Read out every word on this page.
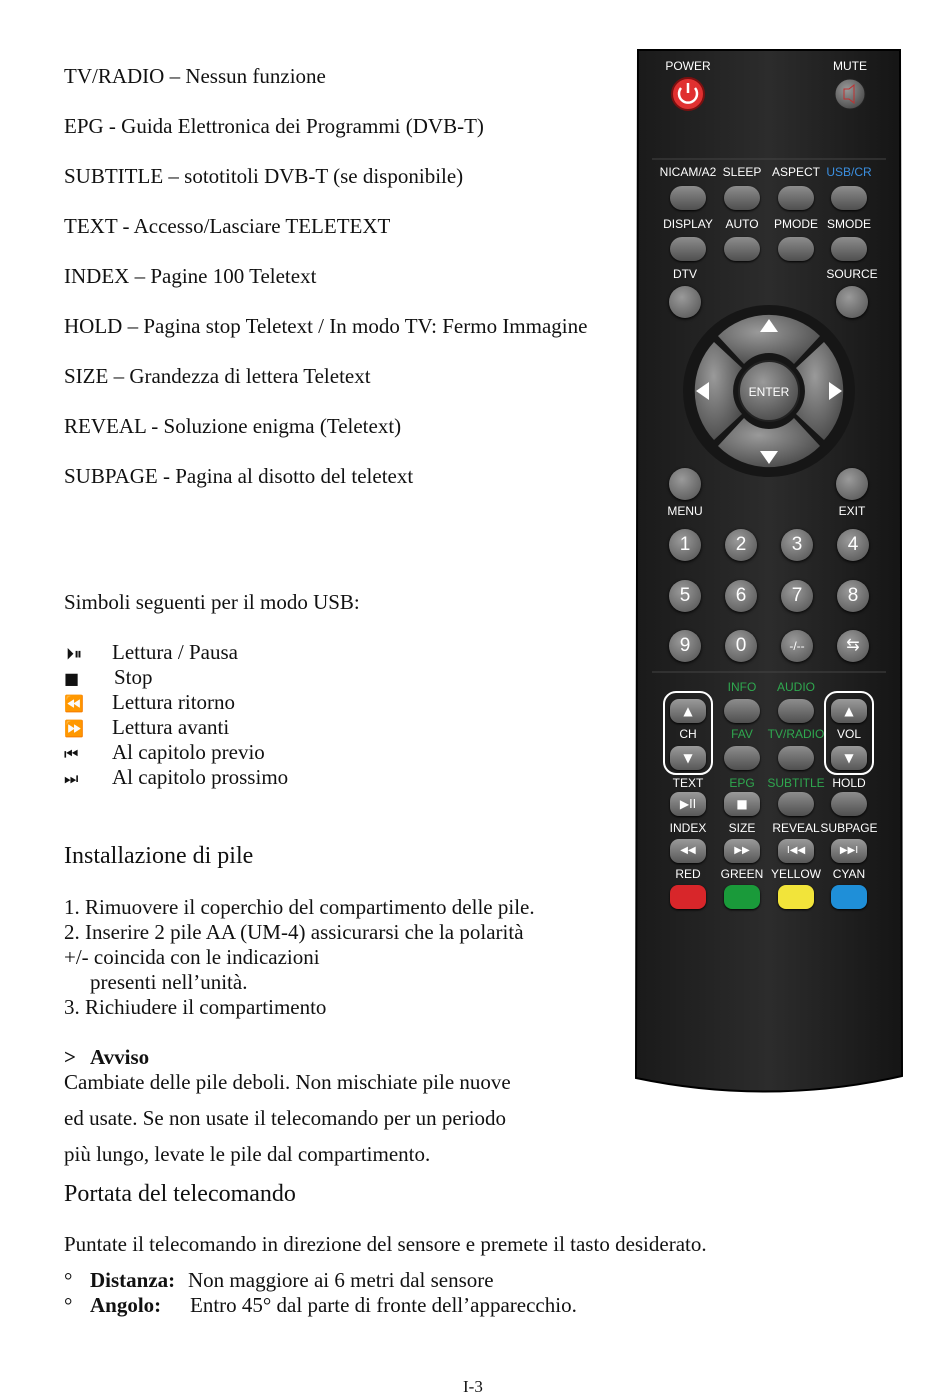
TV/RADIO – Nessun funzione
EPG - Guida Elettronica dei Programmi (DVB-T)
SUBTITLE – sototitoli DVB-T (se disponibile)
TEXT - Accesso/Lasciare TELETEXT
INDEX – Pagine 100 Teletext
HOLD – Pagina stop Teletext / In modo TV: Fermo Immagine
SIZE – Grandezza di lettera Teletext
REVEAL - Soluzione enigma (Teletext)
SUBPAGE - Pagina al disotto del teletext
Simboli seguenti per il modo USB:
⏵⏸ Lettura / Pausa
■ Stop
⏪ Lettura ritorno
⏩ Lettura avanti
⏮ Al capitolo previo
⏭ Al capitolo prossimo
Installazione di pile
1. Rimuovere il coperchio del compartimento delle pile.
2. Inserire 2 pile AA (UM-4) assicurarsi che la polarità
+/- coincida con le indicazioni
presenti nell’unità.
3. Richiudere il compartimento
> Avviso
Cambiate delle pile deboli. Non mischiate pile nuove
ed usate. Se non usate il telecomando per un periodo
più lungo, levate le pile dal compartimento.
Portata del telecomando
Puntate il telecomando in direzione del sensore e premete il tasto desiderato.
° Distanza: Non maggiore ai 6 metri dal sensore
° Angolo: Entro 45° dal parte di fronte dell’apparecchio.
I-3
POWER	MUTE
NICAM/A2 SLEEP ASPECT USB/CR
DISPLAY	AUTO	PMODE SMODE
DTV	SOURCE
ENTER
MENU	EXIT
1	2	3	4
5	6	7	8
9	0	-/--	⇆
INFO	AUDIO
▲	▲
CH	VOL
FAV	TV/RADIO
▼	▼
TEXT	EPG	SUBTITLE HOLD
▶II	■
INDEX	SIZE	REVEAL SUBPAGE
◀◀	▶▶	I◀◀	▶▶I
RED	GREEN YELLOW CYAN
